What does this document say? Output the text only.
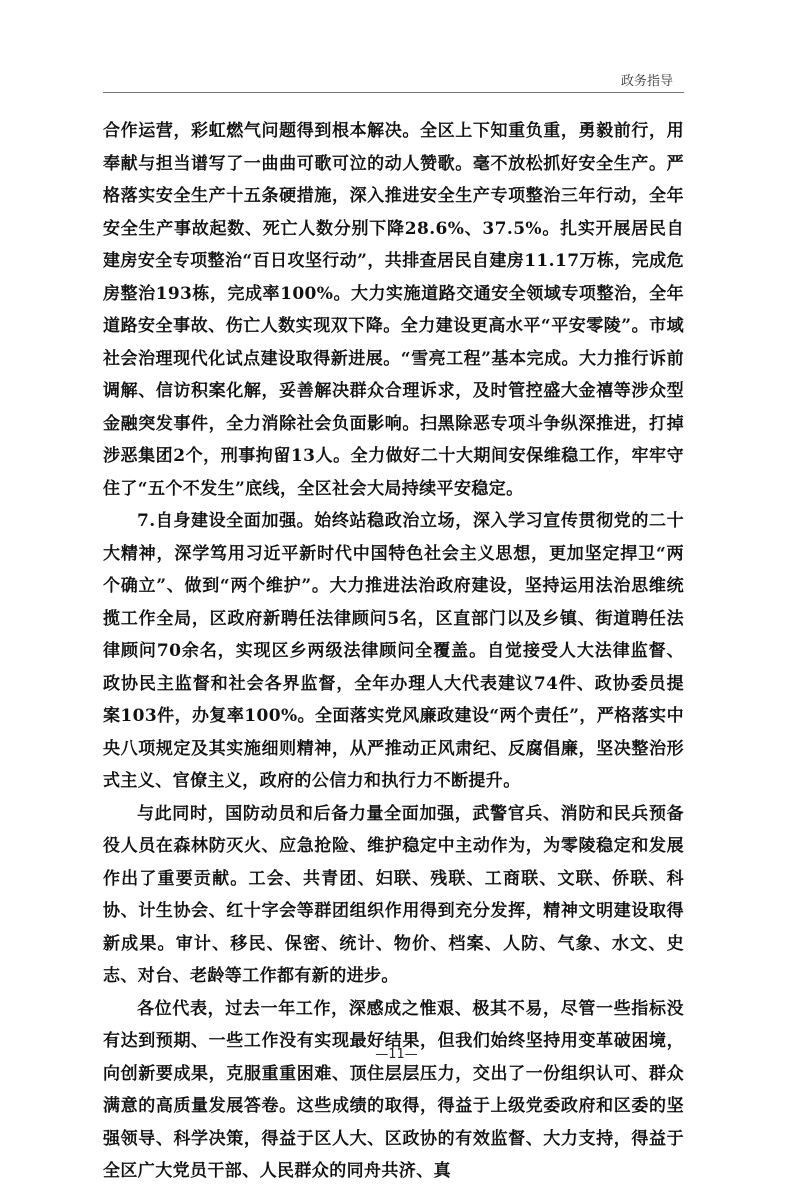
政务指导

合作运营，彩虹燃气问题得到根本解决。全区上下知重负重，勇毅前行，用奉献与担当谱写了一曲曲可歌可泣的动人赞歌。毫不放松抓好安全生产。严格落实安全生产十五条硬措施，深入推进安全生产专项整治三年行动，全年安全生产事故起数、死亡人数分别下降28.6%、37.5%。扎实开展居民自建房安全专项整治“百日攻坚行动”，共排查居民自建房11.17万栋，完成危房整治193栋，完成率100%。大力实施道路交通安全领域专项整治，全年道路安全事故、伤亡人数实现双下降。全力建设更高水平“平安零陵”。市域社会治理现代化试点建设取得新进展。“雪亮工程”基本完成。大力推行诉前调解、信访积案化解，妥善解决群众合理诉求，及时管控盛大金禧等涉众型金融突发事件，全力消除社会负面影响。扫黑除恶专项斗争纵深推进，打掉涉恶集团2个，刑事拘留13人。全力做好二十大期间安保维稳工作，牢牢守住了“五个不发生”底线，全区社会大局持续平安稳定。

7.自身建设全面加强。始终站稳政治立场，深入学习宣传贯彻党的二十大精神，深学笃用习近平新时代中国特色社会主义思想，更加坚定捍卫“两个确立”、做到“两个维护”。大力推进法治政府建设，坚持运用法治思维统揽工作全局，区政府新聘任法律顾问5名，区直部门以及乡镇、街道聘任法律顾问70余名，实现区乡两级法律顾问全覆盖。自觉接受人大法律监督、政协民主监督和社会各界监督，全年办理人大代表建议74件、政协委员提案103件，办复率100%。全面落实党风廉政建设“两个责任”，严格落实中央八项规定及其实施细则精神，从严推动正风肃纪、反腐倡廉，坚决整治形式主义、官僚主义，政府的公信力和执行力不断提升。

与此同时，国防动员和后备力量全面加强，武警官兵、消防和民兵预备役人员在森林防灭火、应急抢险、维护稳定中主动作为，为零陵稳定和发展作出了重要贡献。工会、共青团、妇联、残联、工商联、文联、侨联、科协、计生协会、红十字会等群团组织作用得到充分发挥，精神文明建设取得新成果。审计、移民、保密、统计、物价、档案、人防、气象、水文、史志、对台、老龄等工作都有新的进步。

各位代表，过去一年工作，深感成之惟艰、极其不易，尽管一些指标没有达到预期、一些工作没有实现最好结果，但我们始终坚持用变革破困境，向创新要成果，克服重重困难、顶住层层压力，交出了一份组织认可、群众满意的高质量发展答卷。这些成绩的取得，得益于上级党委政府和区委的坚强领导、科学决策，得益于区人大、区政协的有效监督、大力支持，得益于全区广大党员干部、人民群众的同舟共济、真

—11—
